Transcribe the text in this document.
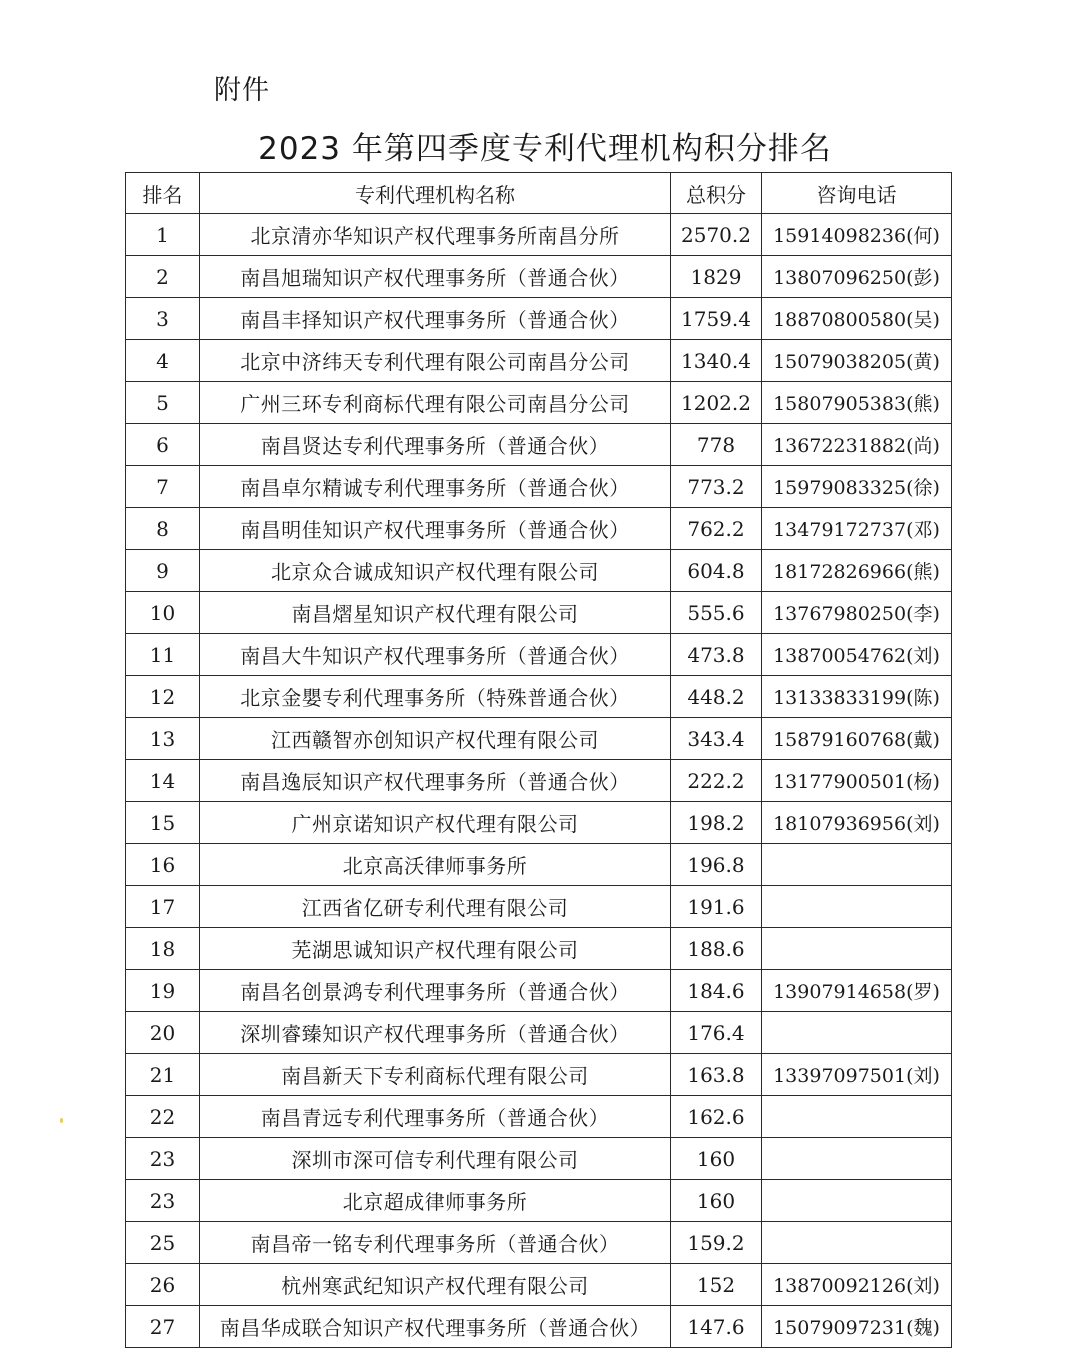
附件
2023 年第四季度专利代理机构积分排名
排名	专利代理机构名称	总积分	咨询电话
1	北京清亦华知识产权代理事务所南昌分所	2570.2	15914098236(何)
2	南昌旭瑞知识产权代理事务所（普通合伙）	1829	13807096250(彭)
3	南昌丰择知识产权代理事务所（普通合伙）	1759.4	18870800580(吴)
4	北京中济纬天专利代理有限公司南昌分公司	1340.4	15079038205(黄)
5	广州三环专利商标代理有限公司南昌分公司	1202.2	15807905383(熊)
6	南昌贤达专利代理事务所（普通合伙）	778	13672231882(尚)
7	南昌卓尔精诚专利代理事务所（普通合伙）	773.2	15979083325(徐)
8	南昌明佳知识产权代理事务所（普通合伙）	762.2	13479172737(邓)
9	北京众合诚成知识产权代理有限公司	604.8	18172826966(熊)
10	南昌熠星知识产权代理有限公司	555.6	13767980250(李)
11	南昌大牛知识产权代理事务所（普通合伙）	473.8	13870054762(刘)
12	北京金嬰专利代理事务所（特殊普通合伙）	448.2	13133833199(陈)
13	江西赣智亦创知识产权代理有限公司	343.4	15879160768(戴)
14	南昌逸辰知识产权代理事务所（普通合伙）	222.2	13177900501(杨)
15	广州京诺知识产权代理有限公司	198.2	18107936956(刘)
16	北京高沃律师事务所	196.8	
17	江西省亿研专利代理有限公司	191.6	
18	芜湖思诚知识产权代理有限公司	188.6	
19	南昌名创景鸿专利代理事务所（普通合伙）	184.6	13907914658(罗)
20	深圳睿臻知识产权代理事务所（普通合伙）	176.4	
21	南昌新天下专利商标代理有限公司	163.8	13397097501(刘)
22	南昌青远专利代理事务所（普通合伙）	162.6	
23	深圳市深可信专利代理有限公司	160	
23	北京超成律师事务所	160	
25	南昌帝一铭专利代理事务所（普通合伙）	159.2	
26	杭州寒武纪知识产权代理有限公司	152	13870092126(刘)
27	南昌华成联合知识产权代理事务所（普通合伙）	147.6	15079097231(魏)
